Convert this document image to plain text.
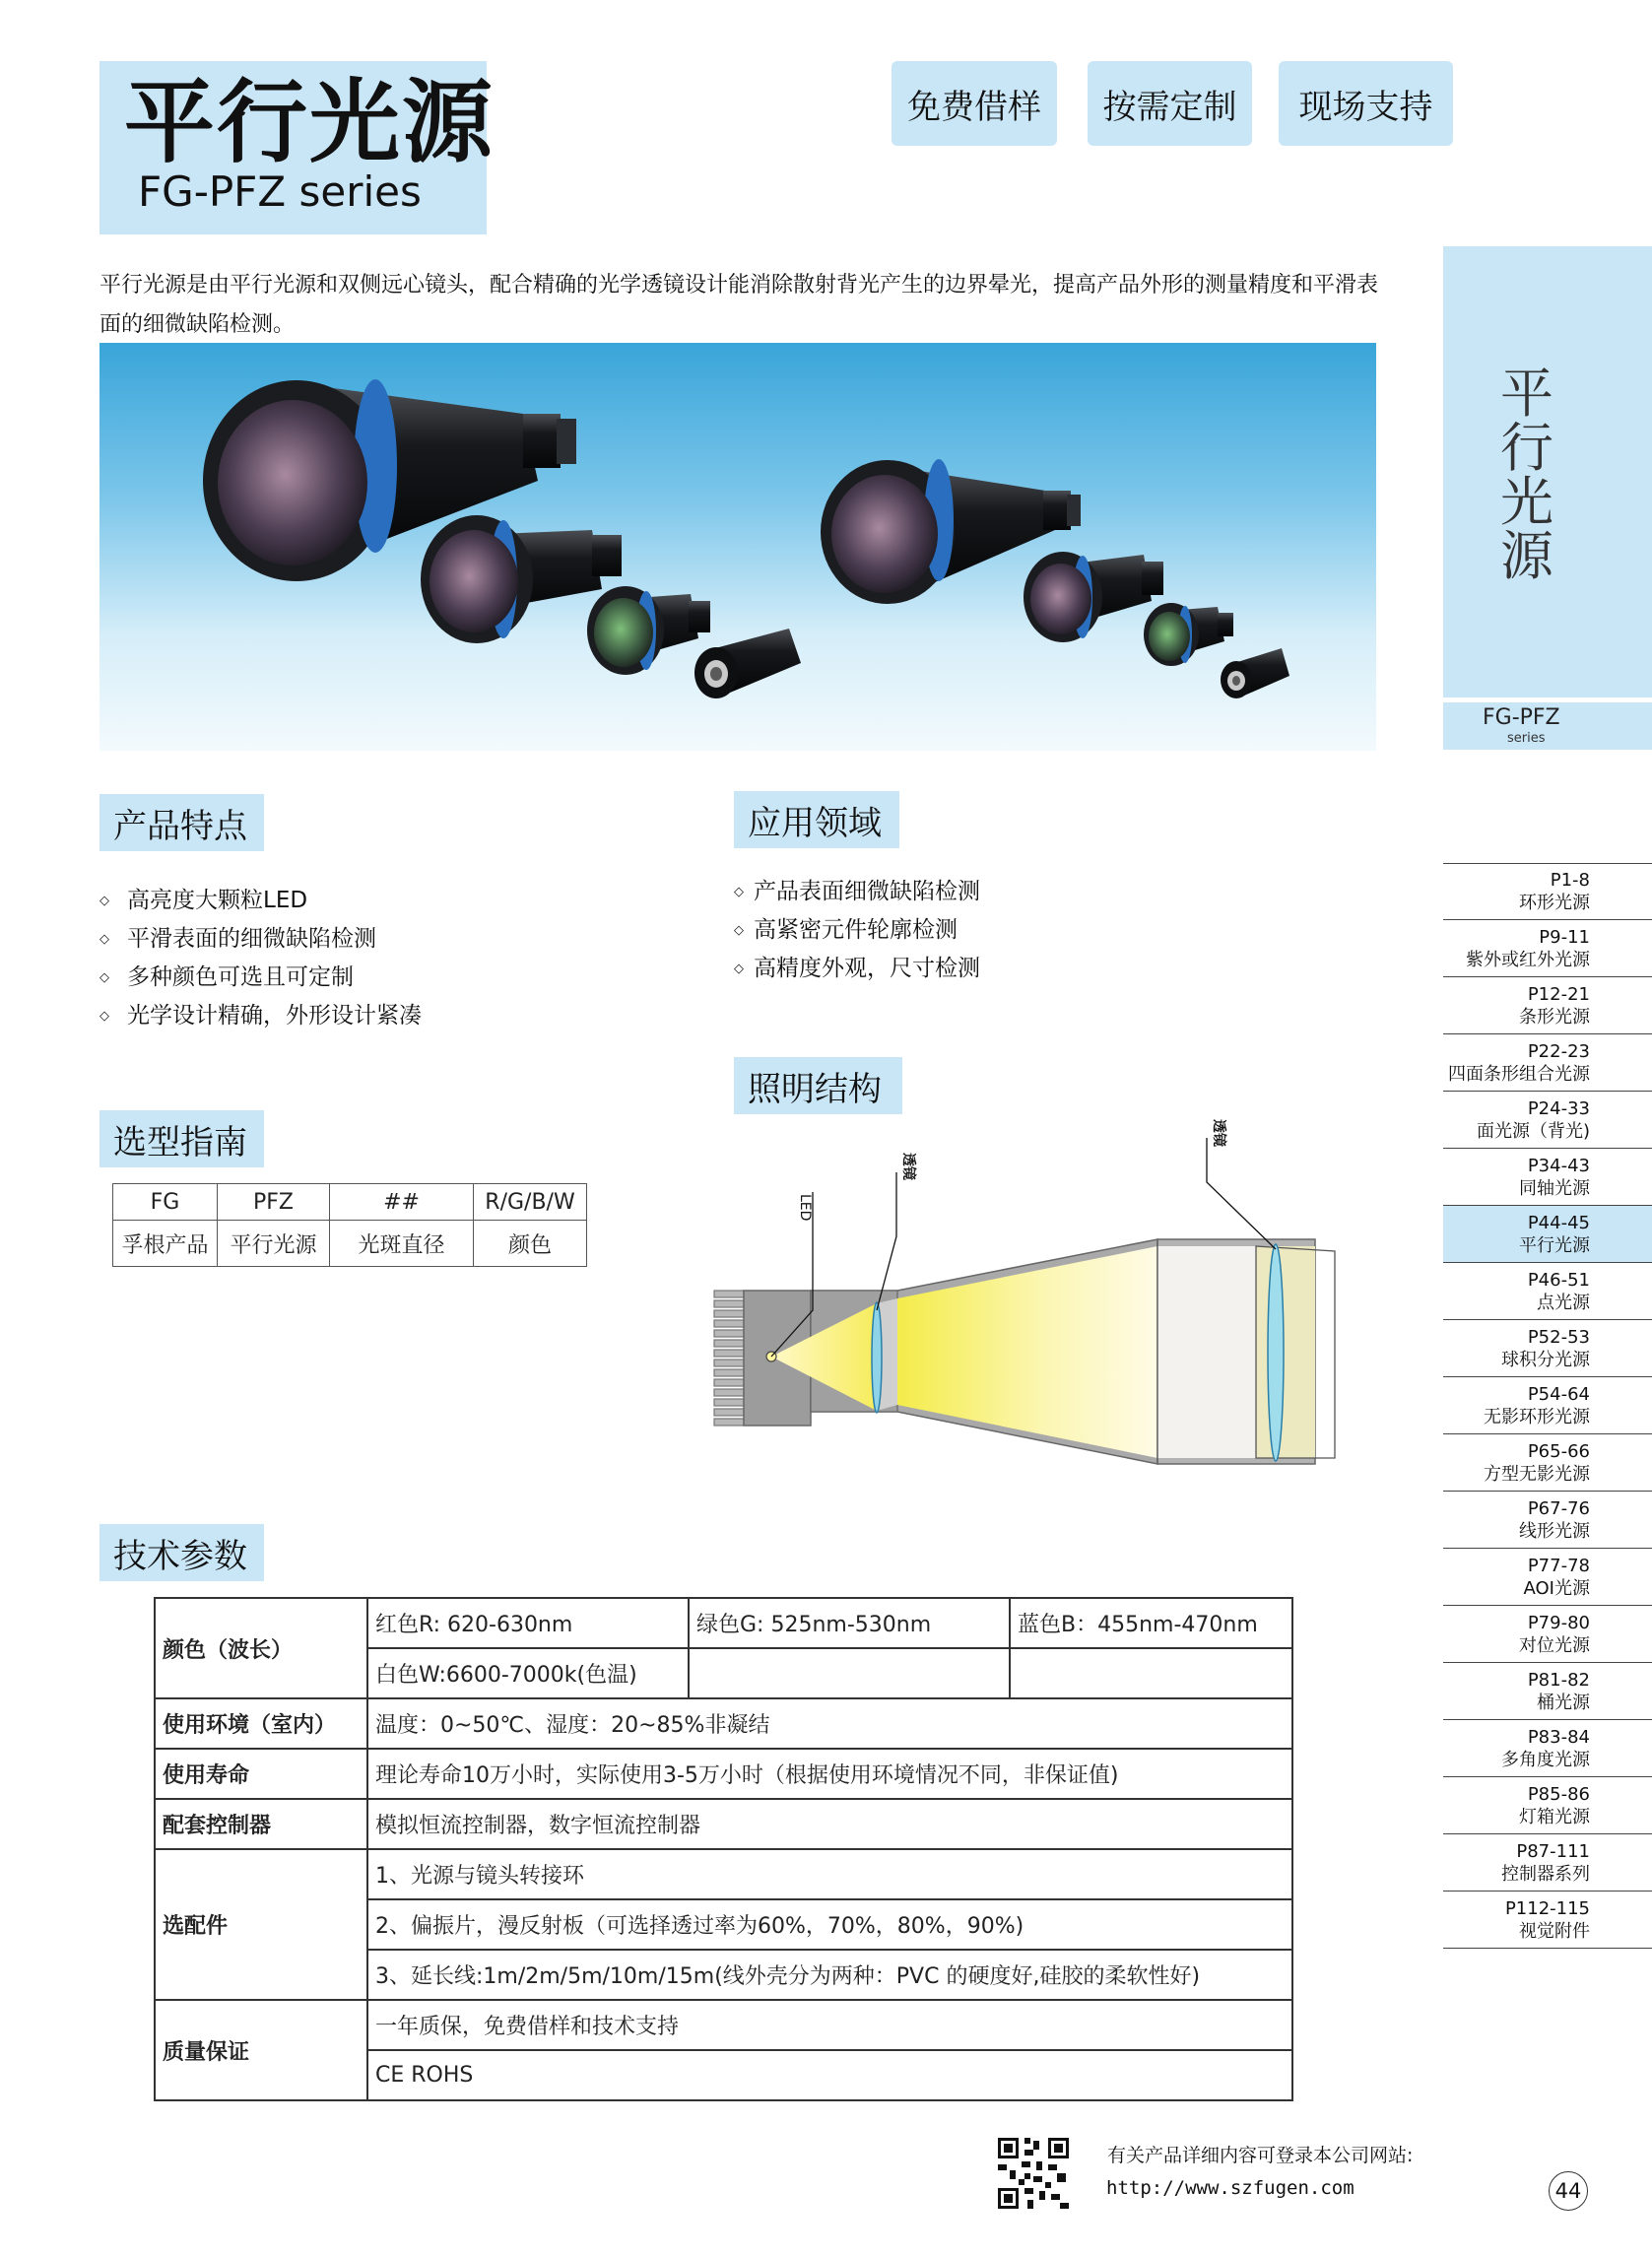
平行光源
FG-PFZ series
免费借样	按需定制	现场支持
平行光源是由平行光源和双侧远心镜头，配合精确的光学透镜设计能消除散射背光产生的边界晕光，提高产品外形的测量精度和平滑表面的细微缺陷检测。
产品特点
◇ 高亮度大颗粒LED
◇ 平滑表面的细微缺陷检测
◇ 多种颜色可选且可定制
◇ 光学设计精确，外形设计紧凑
应用领域
◇ 产品表面细微缺陷检测
◇ 高紧密元件轮廓检测
◇ 高精度外观，尺寸检测
选型指南
FG	PFZ	##	R/G/B/W
孚根产品	平行光源	光斑直径	颜色
照明结构
LED
透镜
透镜
技术参数
颜色（波长）	红色R: 620-630nm	绿色G: 525nm-530nm	蓝色B：455nm-470nm
	白色W:6600-7000k(色温)		
使用环境（室内）	温度：0~50℃、湿度：20~85%非凝结		
使用寿命	理论寿命10万小时，实际使用3-5万小时（根据使用环境情况不同，非保证值)		
配套控制器	模拟恒流控制器，数字恒流控制器		
选配件	1、光源与镜头转接环		
	2、偏振片，漫反射板（可选择透过率为60%，70%，80%，90%)		
	3、延长线:1m/2m/5m/10m/15m(线外壳分为两种：PVC 的硬度好,硅胶的柔软性好)		
质量保证	一年质保，免费借样和技术支持		
	CE ROHS		
平
行
光
源
FG-PFZ
series
P1-8
环形光源
P9-11
紫外或红外光源
P12-21
条形光源
P22-23
四面条形组合光源
P24-33
面光源（背光)
P34-43
同轴光源
P44-45
平行光源
P46-51
点光源
P52-53
球积分光源
P54-64
无影环形光源
P65-66
方型无影光源
P67-76
线形光源
P77-78
AOI光源
P79-80
对位光源
P81-82
桶光源
P83-84
多角度光源
P85-86
灯箱光源
P87-111
控制器系列
P112-115
视觉附件
有关产品详细内容可登录本公司网站:
http://www.szfugen.com	44
